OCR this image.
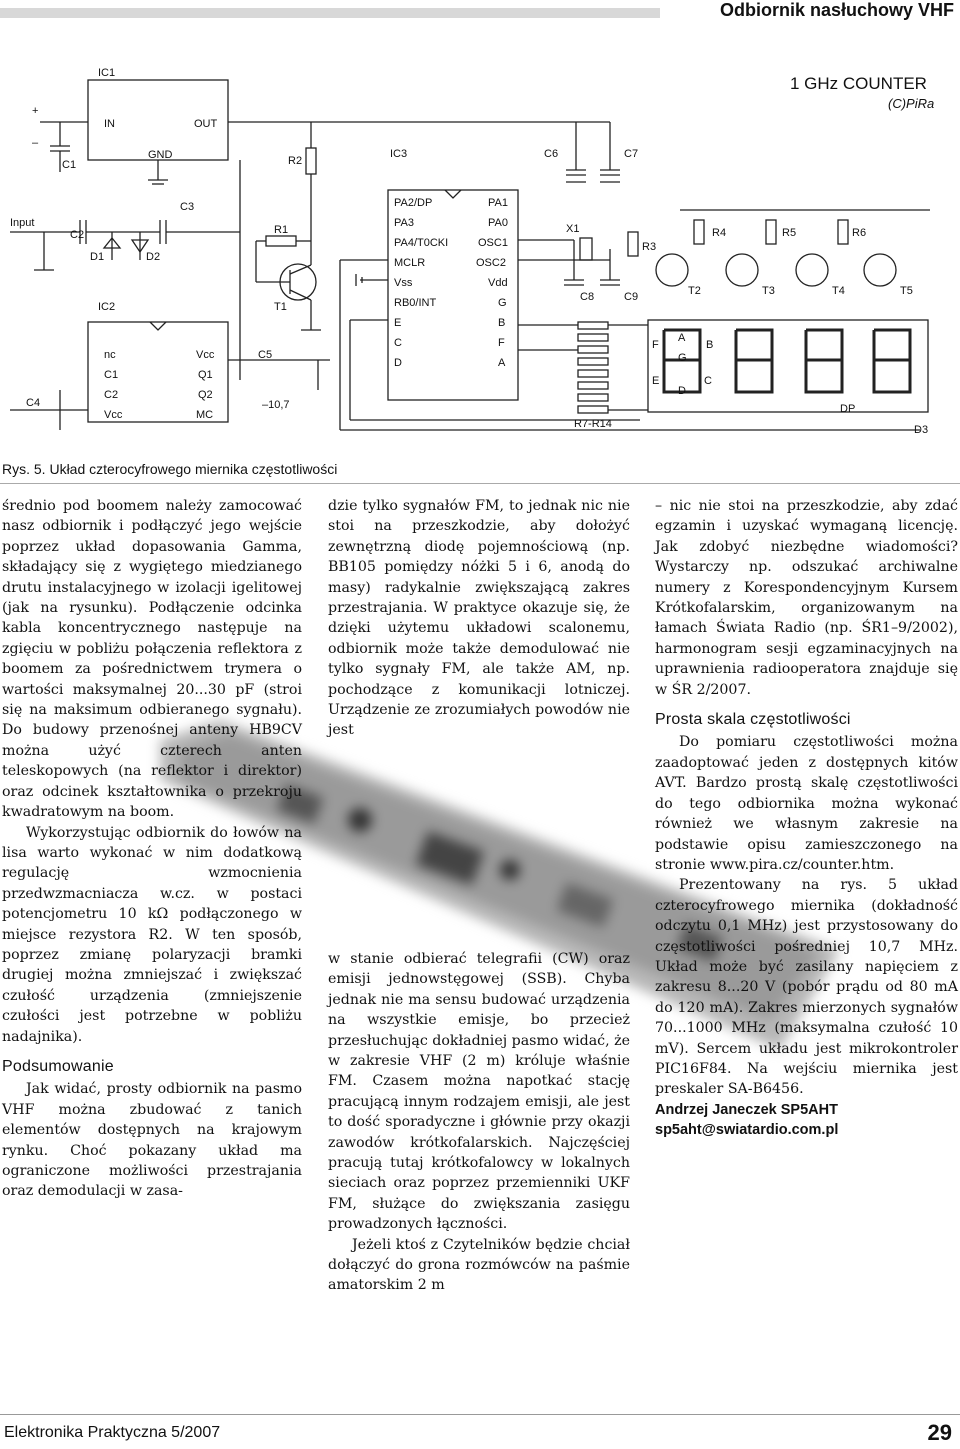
Odbiornik nasłuchowy VHF
IC1
IN	OUT
GND
+
–
C1	R2
IC3	C6	C7
Input
C2
C3
D1	D2
R1
T1
IC2
nc
C1
C2
Vcc
Vcc
Q1
Q2
MC
C4
C5
–10,7
PA2/DP
PA3
PA4/T0CKI
MCLR
Vss
RB0/INT
E
C
D
PA1
PA0
OSC1
OSC2
Vdd
G
B
F
A
X1
C8	C9
R3
R7-R14
T2	T3	T4	T5
R4	R5	R6
A
B
C
D
E
F
G
DP
D3
1 GHz COUNTER
(C)PiRa
Rys. 5. Układ czterocyfrowego miernika częstotliwości

średnio pod boomem należy zamocować nasz odbiornik i podłączyć jego wejście poprzez układ dopasowania Gamma, składający się z wygiętego miedzianego drutu instalacyjnego w izolacji igelitowej (jak na rysunku). Podłączenie odcinka kabla koncentrycznego następuje na zgięciu w pobliżu połączenia reflektora z boomem za pośrednictwem trymera o wartości maksymalnej 20...30 pF (stroi się na maksimum odbieranego sygnału). Do budowy przenośnej anteny HB9CV można użyć czterech anten teleskopowych (na reflektor i direktor) oraz odcinek kształtownika o przekroju kwadratowym na boom.

Wykorzystując odbiornik do łowów na lisa warto wykonać w nim dodatkową regulację wzmocnienia przedwzmacniacza w.cz. w postaci potencjometru 10 kΩ podłączonego w miejsce rezystora R2. W ten sposób, poprzez zmianę polaryzacji bramki drugiej można zmniejszać i zwiększać czułość urządzenia (zmniejszenie czułości jest potrzebne w pobliżu nadajnika).

Podsumowanie

Jak widać, prosty odbiornik na pasmo VHF można zbudować z tanich elementów dostępnych na krajowym rynku. Choć pokazany układ ma ograniczone możliwości przestrajania oraz demodulacji w zasa-

dzie tylko sygnałów FM, to jednak nic nie stoi na przeszkodzie, aby dołożyć zewnętrzną diodę pojemnościową (np. BB105 pomiędzy nóżki 5 i 6, anodą do masy) radykalnie zwiększającą zakres przestrajania. W praktyce okazuje się, że dzięki użytemu układowi scalonemu, odbiornik może także demodulować nie tylko sygnały FM, ale także AM, np. pochodzące z komunikacji lotniczej. Urządzenie ze zrozumiałych powodów nie jest

w stanie odbierać telegrafii (CW) oraz emisji jednowstęgowej (SSB). Chyba jednak nie ma sensu budować urządzenia na wszystkie emisje, bo przecież przesłuchując dokładniej pasmo widać, że w zakresie VHF (2 m) króluje właśnie FM. Czasem można napotkać stację pracującą innym rodzajem emisji, ale jest to dość sporadyczne i głównie przy okazji zawodów krótkofalarskich. Najczęściej pracują tutaj krótkofalowcy w lokalnych sieciach oraz poprzez przemienniki UKF FM, służące do zwiększania zasięgu prowadzonych łączności.

Jeżeli ktoś z Czytelników będzie chciał dołączyć do grona rozmówców na paśmie amatorskim 2 m

– nic nie stoi na przeszkodzie, aby zdać egzamin i uzyskać wymaganą licencję. Jak zdobyć niezbędne wiadomości? Wystarczy np. odszukać archiwalne numery z Korespondencyjnym Kursem Krótkofalarskim, organizowanym na łamach Świata Radio (np. ŚR1–9/2002), harmonogram sesji egzaminacyjnych na uprawnienia radiooperatora znajduje się w ŚR 2/2007.

Prosta skala częstotliwości

Do pomiaru częstotliwości można zaadoptować jeden z dostępnych kitów AVT. Bardzo prostą skalę częstotliwości do tego odbiornika można wykonać również we własnym zakresie na podstawie opisu zamieszczonego na stronie www.pira.cz/counter.htm.

Prezentowany na rys. 5 układ czterocyfrowego miernika (dokładność odczytu 0,1 MHz) jest przystosowany do częstotliwości pośredniej 10,7 MHz. Układ może być zasilany napięciem z zakresu 8...20 V (pobór prądu od 80 mA do 120 mA). Zakres mierzonych sygnałów 70...1000 MHz (maksymalna czułość 10 mV). Sercem układu jest mikrokontroler PIC16F84. Na wejściu miernika jest preskaler SA-B6456.

Andrzej Janeczek SP5AHT
sp5aht@swiatardio.com.pl
Elektronika Praktyczna 5/2007	29
